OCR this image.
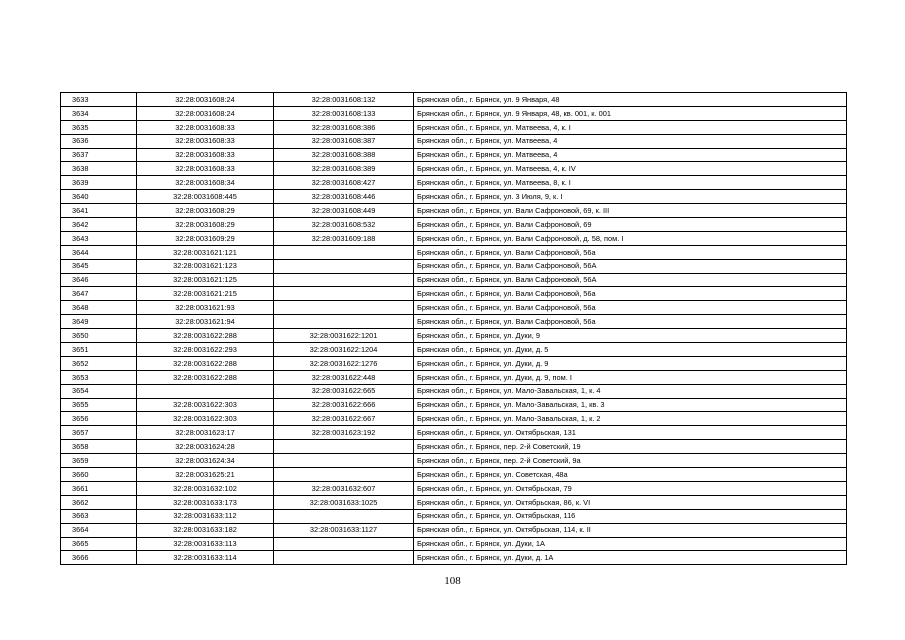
3633	32:28:0031608:24	32:28:0031608:132	Брянская обл., г. Брянск, ул. 9 Января, 48
3634	32:28:0031608:24	32:28:0031608:133	Брянская обл., г. Брянск, ул. 9 Января, 48, кв. 001, к. 001
3635	32:28:0031608:33	32:28:0031608:386	Брянская обл., г. Брянск, ул. Матвеева, 4, к. I
3636	32:28:0031608:33	32:28:0031608:387	Брянская обл., г. Брянск, ул. Матвеева, 4
3637	32:28:0031608:33	32:28:0031608:388	Брянская обл., г. Брянск, ул. Матвеева, 4
3638	32:28:0031608:33	32:28:0031608:389	Брянская обл., г. Брянск, ул. Матвеева, 4, к. IV
3639	32:28:0031608:34	32:28:0031608:427	Брянская обл., г. Брянск, ул. Матвеева, 8, к. I
3640	32:28:0031608:445	32:28:0031608:446	Брянская обл., г. Брянск, ул. 3 Июля, 9, к. I
3641	32:28:0031608:29	32:28:0031608:449	Брянская обл., г. Брянск, ул. Вали Сафроновой, 69, к. III
3642	32:28:0031608:29	32:28:0031608:532	Брянская обл., г. Брянск, ул. Вали Сафроновой, 69
3643	32:28:0031609:29	32:28:0031609:188	Брянская обл., г. Брянск, ул. Вали Сафроновой, д. 58, пом. I
3644	32:28:0031621:121		Брянская обл., г. Брянск, ул. Вали Сафроновой, 56а
3645	32:28:0031621:123		Брянская обл., г. Брянск, ул. Вали Сафроновой, 56А
3646	32:28:0031621:125		Брянская обл., г. Брянск, ул. Вали Сафроновой, 56А
3647	32:28:0031621:215		Брянская обл., г. Брянск, ул. Вали Сафроновой, 56а
3648	32:28:0031621:93		Брянская обл., г. Брянск, ул. Вали Сафроновой, 56а
3649	32:28:0031621:94		Брянская обл., г. Брянск, ул. Вали Сафроновой, 56а
3650	32:28:0031622:288	32:28:0031622:1201	Брянская обл., г. Брянск, ул. Дуки, 9
3651	32:28:0031622:293	32:28:0031622:1204	Брянская обл., г. Брянск, ул. Дуки, д. 5
3652	32:28:0031622:288	32:28:0031622:1276	Брянская обл., г. Брянск, ул. Дуки, д. 9
3653	32:28:0031622:288	32:28:0031622:448	Брянская обл., г. Брянск, ул. Дуки, д. 9, пом. I
3654		32:28:0031622:665	Брянская обл., г. Брянск, ул. Мало-Завальская, 1, к. 4
3655	32:28:0031622:303	32:28:0031622:666	Брянская обл., г. Брянск, ул. Мало-Завальская, 1, кв. 3
3656	32:28:0031622:303	32:28:0031622:667	Брянская обл., г. Брянск, ул. Мало-Завальская, 1, к. 2
3657	32:28:0031623:17	32:28:0031623:192	Брянская обл., г. Брянск, ул. Октябрьская, 131
3658	32:28:0031624:28		Брянская обл., г. Брянск, пер. 2-й Советский, 19
3659	32:28:0031624:34		Брянская обл., г. Брянск, пер. 2-й Советский, 9а
3660	32:28:0031625:21		Брянская обл., г. Брянск, ул. Советская, 48а
3661	32:28:0031632:102	32:28:0031632:607	Брянская обл., г. Брянск, ул. Октябрьская, 79
3662	32:28:0031633:173	32:28:0031633:1025	Брянская обл., г. Брянск, ул. Октябрьская, 86, к. VI
3663	32:28:0031633:112		Брянская обл., г. Брянск, ул. Октябрьская, 116
3664	32:28:0031633:182	32:28:0031633:1127	Брянская обл., г. Брянск, ул. Октябрьская, 114, к. II
3665	32:28:0031633:113		Брянская обл., г. Брянск, ул. Дуки, 1А
3666	32:28:0031633:114		Брянская обл., г. Брянск, ул. Дуки, д. 1А
108
